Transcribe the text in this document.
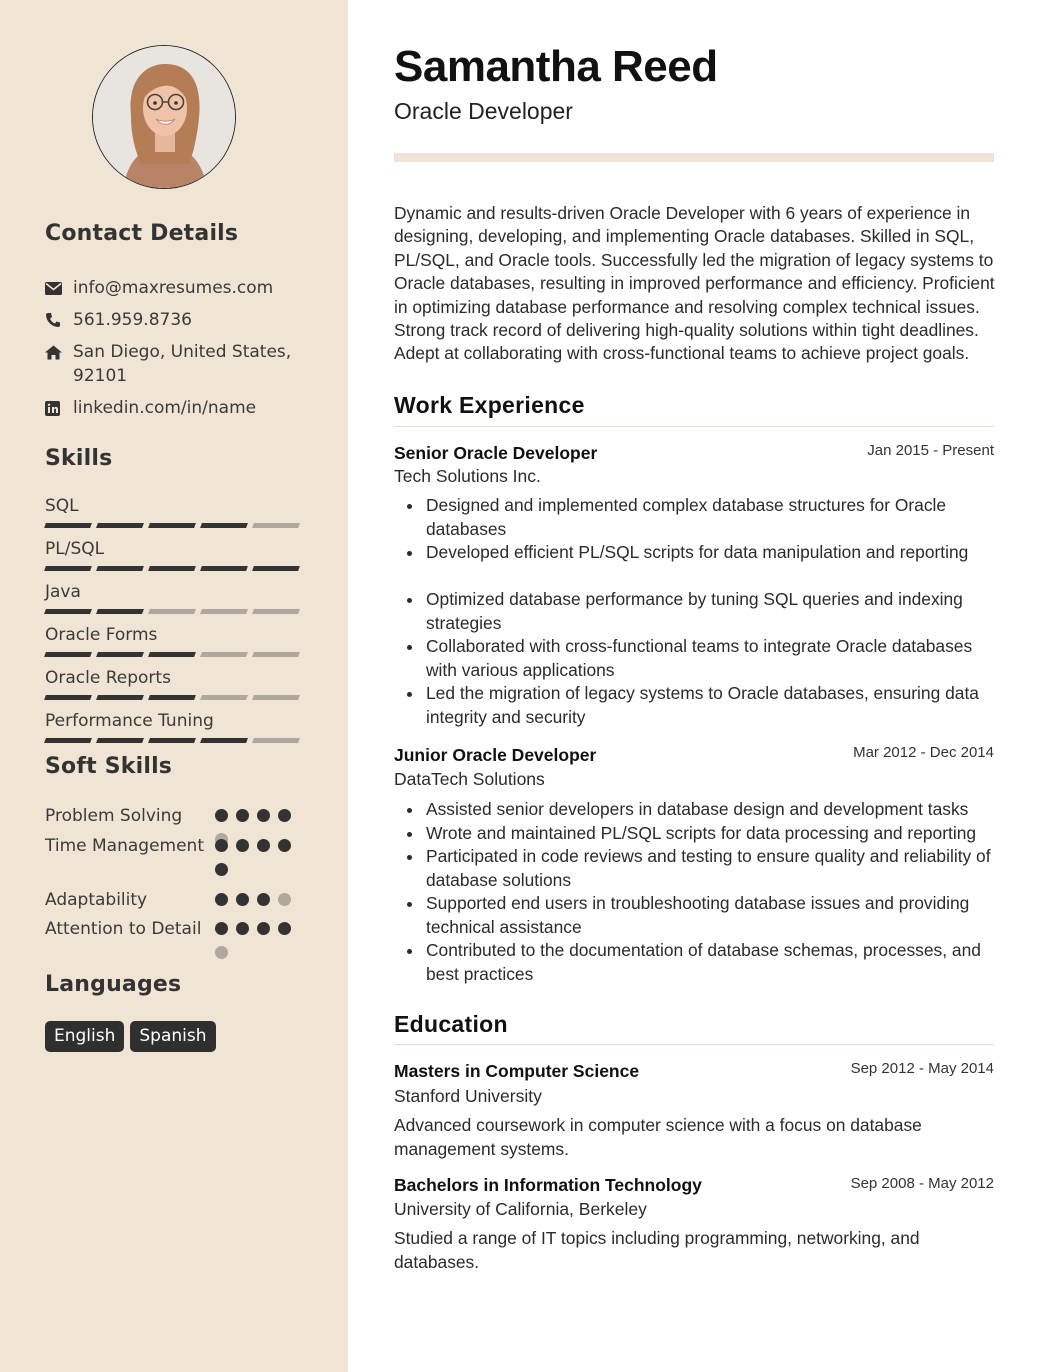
Contact Details
info@maxresumes.com
561.959.8736
San Diego, United States, 92101
linkedin.com/in/name
Skills
SQL
PL/SQL
Java
Oracle Forms
Oracle Reports
Performance Tuning
Soft Skills
Problem Solving
Time Management
Adaptability
Attention to Detail
Languages
English	Spanish
Samantha Reed
Oracle Developer

Dynamic and results-driven Oracle Developer with 6 years of experience in designing, developing, and implementing Oracle databases. Skilled in SQL, PL/SQL, and Oracle tools. Successfully led the migration of legacy systems to Oracle databases, resulting in improved performance and efficiency. Proficient in optimizing database performance and resolving complex technical issues. Strong track record of delivering high-quality solutions within tight deadlines. Adept at collaborating with cross-functional teams to achieve project goals.

Work Experience
Senior Oracle Developer	Jan 2015 - Present
Tech Solutions Inc.
Designed and implemented complex database structures for Oracle databases
Developed efficient PL/SQL scripts for data manipulation and reporting
Optimized database performance by tuning SQL queries and indexing strategies
Collaborated with cross-functional teams to integrate Oracle databases with various applications
Led the migration of legacy systems to Oracle databases, ensuring data integrity and security
Junior Oracle Developer	Mar 2012 - Dec 2014
DataTech Solutions
Assisted senior developers in database design and development tasks
Wrote and maintained PL/SQL scripts for data processing and reporting
Participated in code reviews and testing to ensure quality and reliability of database solutions
Supported end users in troubleshooting database issues and providing technical assistance
Contributed to the documentation of database schemas, processes, and best practices
Education
Masters in Computer Science	Sep 2012 - May 2014
Stanford University

Advanced coursework in computer science with a focus on database management systems.

Bachelors in Information Technology	Sep 2008 - May 2012
University of California, Berkeley

Studied a range of IT topics including programming, networking, and databases.
